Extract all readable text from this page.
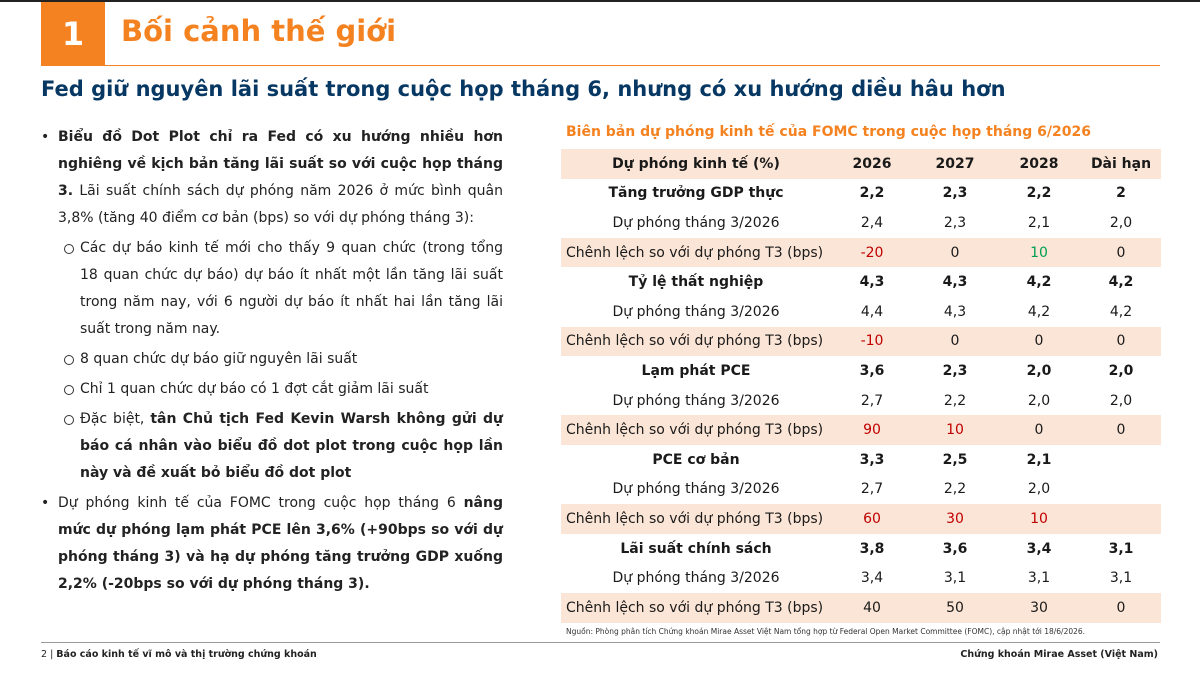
1	Bối cảnh thế giới
Fed giữ nguyên lãi suất trong cuộc họp tháng 6, nhưng có xu hướng diều hâu hơn
• Biểu đồ Dot Plot chỉ ra Fed có xu hướng nhiều hơn nghiêng về kịch bản tăng lãi suất so với cuộc họp tháng 3. Lãi suất chính sách dự phóng năm 2026 ở mức bình quân 3,8% (tăng 40 điểm cơ bản (bps) so với dự phóng tháng 3):
Các dự báo kinh tế mới cho thấy 9 quan chức (trong tổng 18 quan chức dự báo) dự báo ít nhất một lần tăng lãi suất trong năm nay, với 6 người dự báo ít nhất hai lần tăng lãi suất trong năm nay.
8 quan chức dự báo giữ nguyên lãi suất
Chỉ 1 quan chức dự báo có 1 đợt cắt giảm lãi suất
Đặc biệt, tân Chủ tịch Fed Kevin Warsh không gửi dự báo cá nhân vào biểu đồ dot plot trong cuộc họp lần này và đề xuất bỏ biểu đồ dot plot
• Dự phóng kinh tế của FOMC trong cuộc họp tháng 6 nâng mức dự phóng lạm phát PCE lên 3,6% (+90bps so với dự phóng tháng 3) và hạ dự phóng tăng trưởng GDP xuống 2,2% (-20bps so với dự phóng tháng 3).
Biên bản dự phóng kinh tế của FOMC trong cuộc họp tháng 6/2026
Dự phóng kinh tế (%)	2026	2027	2028	Dài hạn
Tăng trưởng GDP thực	2,2	2,3	2,2	2
Dự phóng tháng 3/2026	2,4	2,3	2,1	2,0
Chênh lệch so với dự phóng T3 (bps)	-20	0	10	0
Tỷ lệ thất nghiệp	4,3	4,3	4,2	4,2
Dự phóng tháng 3/2026	4,4	4,3	4,2	4,2
Chênh lệch so với dự phóng T3 (bps)	-10	0	0	0
Lạm phát PCE	3,6	2,3	2,0	2,0
Dự phóng tháng 3/2026	2,7	2,2	2,0	2,0
Chênh lệch so với dự phóng T3 (bps)	90	10	0	0
PCE cơ bản	3,3	2,5	2,1	
Dự phóng tháng 3/2026	2,7	2,2	2,0	
Chênh lệch so với dự phóng T3 (bps)	60	30	10	
Lãi suất chính sách	3,8	3,6	3,4	3,1
Dự phóng tháng 3/2026	3,4	3,1	3,1	3,1
Chênh lệch so với dự phóng T3 (bps)	40	50	30	0
Nguồn: Phòng phân tích Chứng khoán Mirae Asset Việt Nam tổng hợp từ Federal Open Market Committee (FOMC), cập nhật tới 18/6/2026.
2 | Báo cáo kinh tế vĩ mô và thị trường chứng khoán	Chứng khoán Mirae Asset (Việt Nam)
